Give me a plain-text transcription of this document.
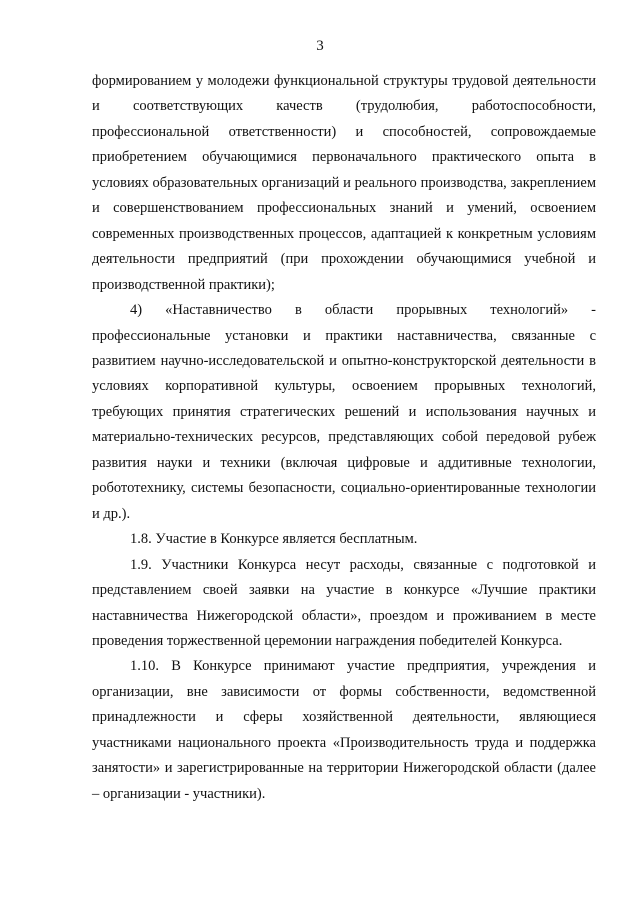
3

формированием у молодежи функциональной структуры трудовой деятельности и соответствующих качеств (трудолюбия, работоспособности, профессиональной ответственности) и способностей, сопровождаемые приобретением обучающимися первоначального практического опыта в условиях образовательных организаций и реального производства, закреплением и совершенствованием профессиональных знаний и умений, освоением современных производственных процессов, адаптацией к конкретным условиям деятельности предприятий (при прохождении обучающимися учебной и производственной практики);

4) «Наставничество в области прорывных технологий» - профессиональные установки и практики наставничества, связанные с развитием научно-исследовательской и опытно-конструкторской деятельности в условиях корпоративной культуры, освоением прорывных технологий, требующих принятия стратегических решений и использования научных и материально-технических ресурсов, представляющих собой передовой рубеж развития науки и техники (включая цифровые и аддитивные технологии, робототехнику, системы безопасности, социально-ориентированные технологии и др.).

1.8. Участие в Конкурсе является бесплатным.

1.9. Участники Конкурса несут расходы, связанные с подготовкой и представлением своей заявки на участие в конкурсе «Лучшие практики наставничества Нижегородской области», проездом и проживанием в месте проведения торжественной церемонии награждения победителей Конкурса.

1.10. В Конкурсе принимают участие предприятия, учреждения и организации, вне зависимости от формы собственности, ведомственной принадлежности и сферы хозяйственной деятельности, являющиеся участниками национального проекта «Производительность труда и поддержка занятости» и зарегистрированные на территории Нижегородской области (далее – организации - участники).
